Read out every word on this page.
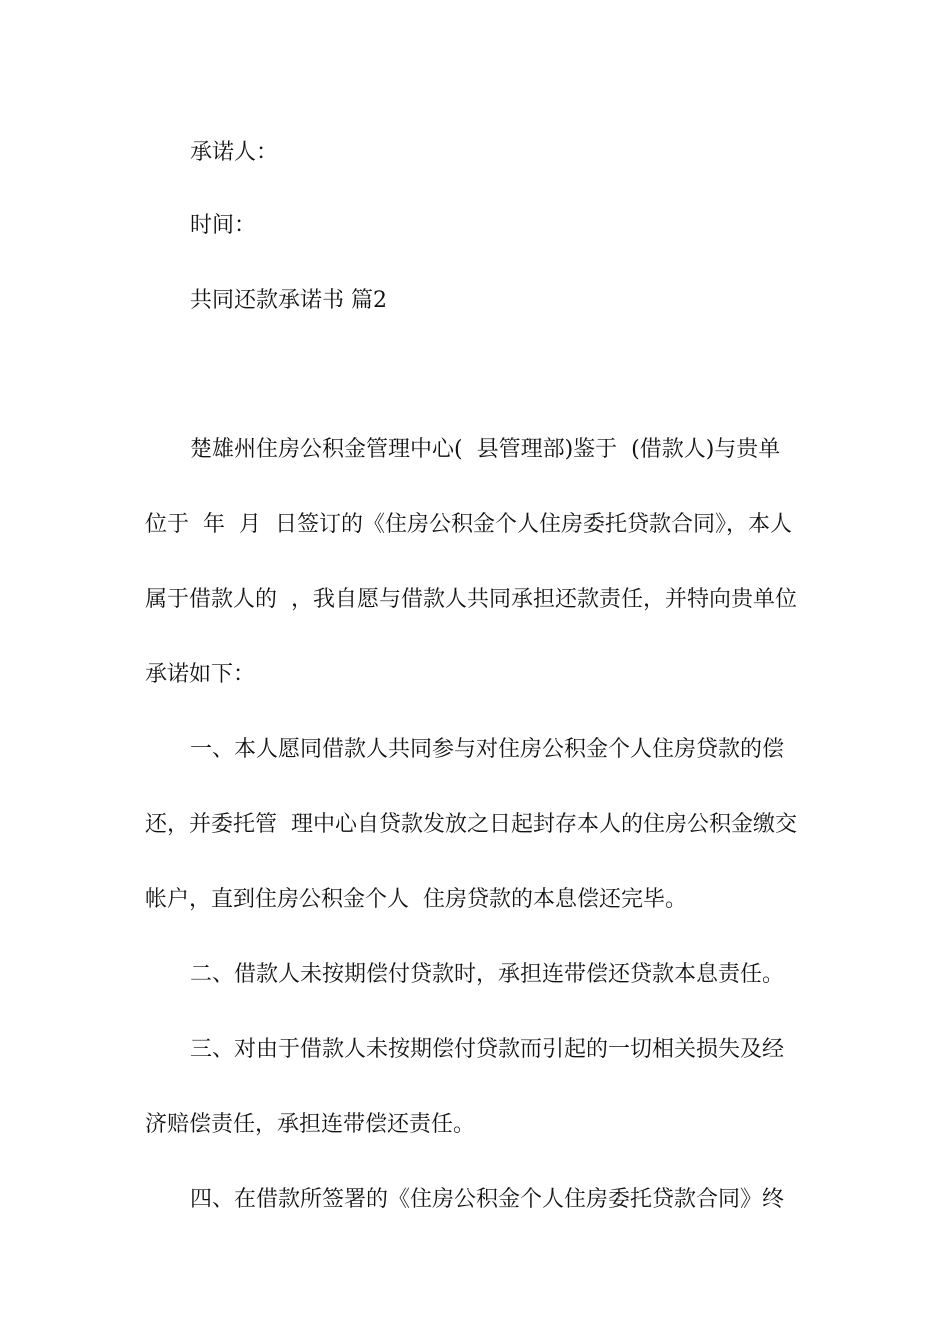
承诺人：
时间：
共同还款承诺书 篇2
楚雄州住房公积金管理中心(  县管理部)鉴于  (借款人)与贵单
位于  年  月  日签订的《住房公积金个人住房委托贷款合同》，本人
属于借款人的  ，我自愿与借款人共同承担还款责任，并特向贵单位
承诺如下：
一、本人愿同借款人共同参与对住房公积金个人住房贷款的偿
还，并委托管  理中心自贷款发放之日起封存本人的住房公积金缴交
帐户，直到住房公积金个人  住房贷款的本息偿还完毕。
二、借款人未按期偿付贷款时，承担连带偿还贷款本息责任。
三、对由于借款人未按期偿付贷款而引起的一切相关损失及经
济赔偿责任，承担连带偿还责任。
四、在借款所签署的《住房公积金个人住房委托贷款合同》终
